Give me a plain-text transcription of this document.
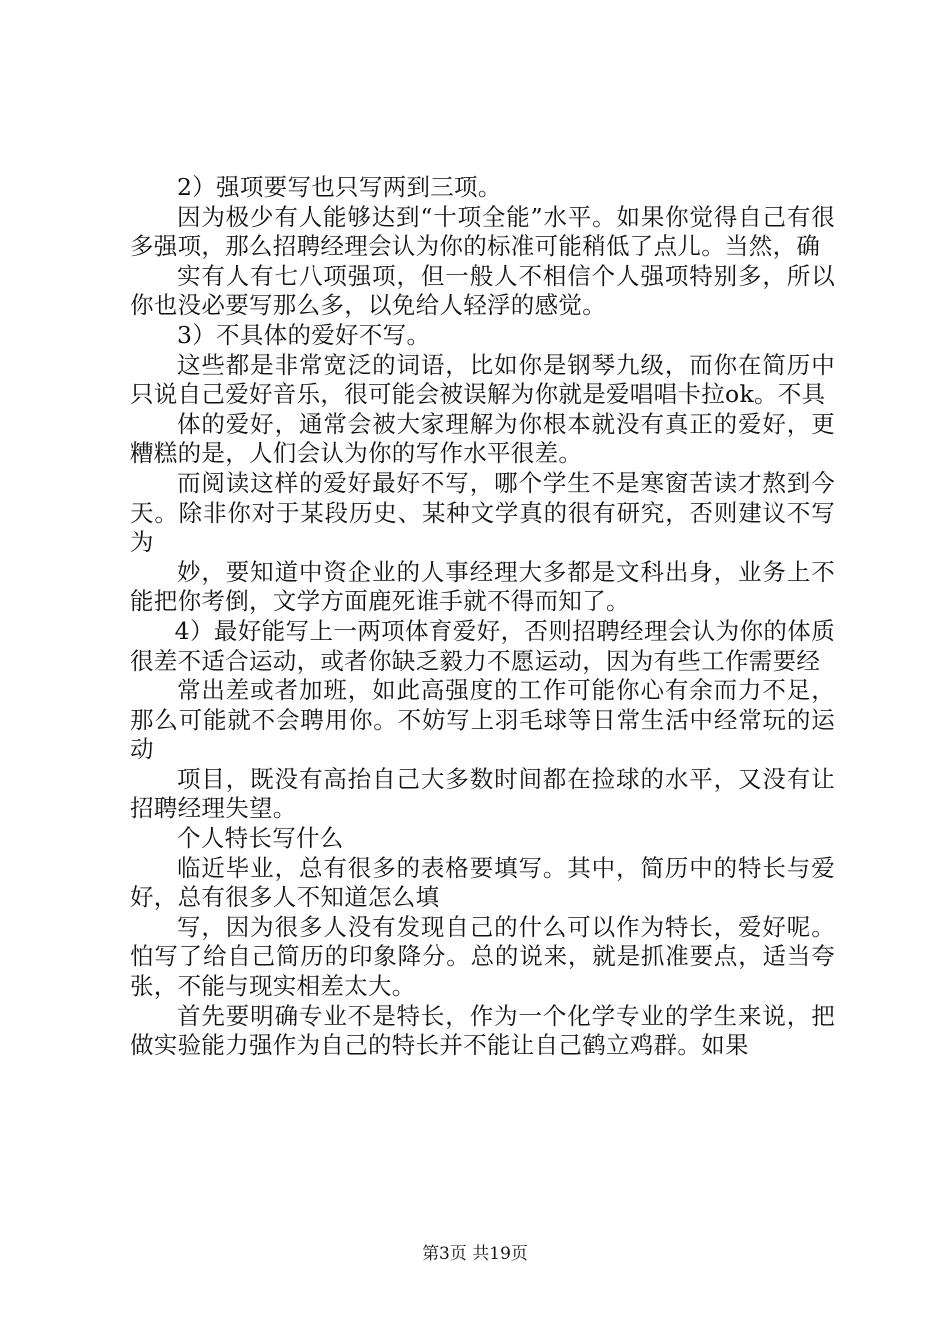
2）强项要写也只写两到三项。

因为极少有人能够达到“十项全能”水平。如果你觉得自己有很多强项，那么招聘经理会认为你的标准可能稍低了点儿。当然，确

实有人有七八项强项，但一般人不相信个人强项特别多，所以你也没必要写那么多，以免给人轻浮的感觉。

3）不具体的爱好不写。

这些都是非常宽泛的词语，比如你是钢琴九级，而你在简历中只说自己爱好音乐，很可能会被误解为你就是爱唱唱卡拉ok。不具

体的爱好，通常会被大家理解为你根本就没有真正的爱好，更糟糕的是，人们会认为你的写作水平很差。

而阅读这样的爱好最好不写，哪个学生不是寒窗苦读才熬到今天。除非你对于某段历史、某种文学真的很有研究，否则建议不写为

妙，要知道中资企业的人事经理大多都是文科出身，业务上不能把你考倒，文学方面鹿死谁手就不得而知了。

4）最好能写上一两项体育爱好，否则招聘经理会认为你的体质很差不适合运动，或者你缺乏毅力不愿运动，因为有些工作需要经

常出差或者加班，如此高强度的工作可能你心有余而力不足，那么可能就不会聘用你。不妨写上羽毛球等日常生活中经常玩的运动

项目，既没有高抬自己大多数时间都在捡球的水平，又没有让招聘经理失望。

个人特长写什么

临近毕业，总有很多的表格要填写。其中，简历中的特长与爱好，总有很多人不知道怎么填

写，因为很多人没有发现自己的什么可以作为特长，爱好呢。怕写了给自己简历的印象降分。总的说来，就是抓准要点，适当夸张，不能与现实相差太大。

首先要明确专业不是特长，作为一个化学专业的学生来说，把做实验能力强作为自己的特长并不能让自己鹤立鸡群。如果

第3页 共19页
